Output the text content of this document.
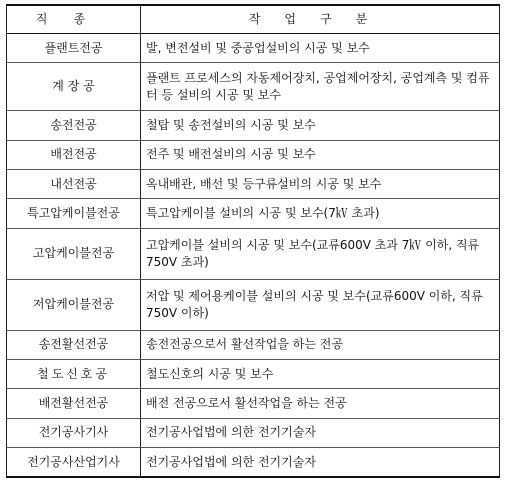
직종	작업구분
플랜트전공	발, 변전설비 및 중공업설비의 시공 및 보수
계 장 공	플랜트 프로세스의 자동제어장치, 공업제어장치, 공업계측 및 컴퓨터 등 설비의 시공 및 보수
송전전공	철탑 및 송전설비의 시공 및 보수
배전전공	전주 및 배전설비의 시공 및 보수
내선전공	옥내배관, 배선 및 등구류설비의 시공 및 보수
특고압케이블전공	특고압케이블 설비의 시공 및 보수(7㎸ 초과)
고압케이블전공	고압케이블 설비의 시공 및 보수(교류600V 초과 7㎸ 이하, 직류 750V 초과)
저압케이블전공	저압 및 제어용케이블 설비의 시공 및 보수(교류600V 이하, 직류 750V 이하)
송전활선전공	송전전공으로서 활선작업을 하는 전공
철도신호공	철도신호의 시공 및 보수
배전활선전공	배전 전공으로서 활선작업을 하는 전공
전기공사기사	전기공사업법에 의한 전기기술자
전기공사산업기사	전기공사업법에 의한 전기기술자
